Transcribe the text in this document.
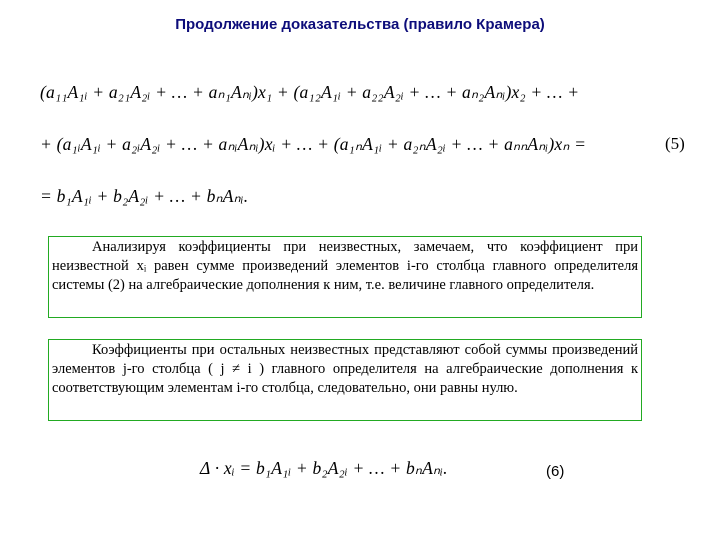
Продолжение доказательства (правило Крамера)
(a₁₁A₁ᵢ + a₂₁A₂ᵢ + … + aₙ₁Aₙᵢ)x₁ + (a₁₂A₁ᵢ + a₂₂A₂ᵢ + … + aₙ₂Aₙᵢ)x₂ + … +
+ (a₁ᵢA₁ᵢ + a₂ᵢA₂ᵢ + … + aₙᵢAₙᵢ)xᵢ + … + (a₁ₙA₁ᵢ + a₂ₙA₂ᵢ + … + aₙₙAₙᵢ)xₙ =
= b₁A₁ᵢ + b₂A₂ᵢ + … + bₙAₙᵢ.
(5)

Анализируя коэффициенты при неизвестных, замечаем, что коэффициент при неизвестной xᵢ равен сумме произведений элементов i-го столбца главного определителя системы (2) на алгебраические дополнения к ним, т.е. величине главного определителя.

Коэффициенты при остальных неизвестных представляют собой суммы произведений элементов j-го столбца ( j ≠ i ) главного определителя на алгебраические дополнения к соответствующим элементам i-го столбца, следовательно, они равны нулю.

Δ · xᵢ = b₁A₁ᵢ + b₂A₂ᵢ + … + bₙAₙᵢ.	(6)
